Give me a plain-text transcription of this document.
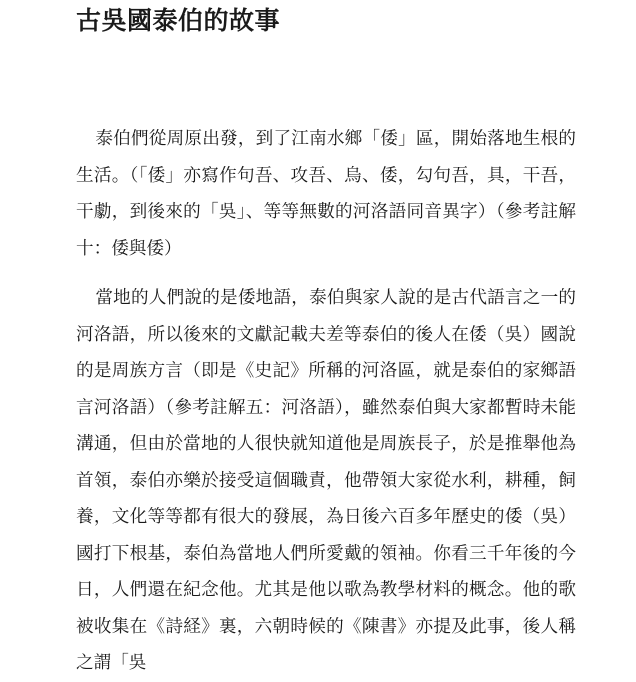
古吳國泰伯的故事

泰伯們從周原出發，到了江南水鄉「倭」區，開始落地生根的生活。（「倭」亦寫作句吾、攻吾、烏、倭，勾句吾，具，干吾，干勮，到後來的「吳」、等等無數的河洛語同音異字）（參考註解十：倭與倭）

當地的人們說的是倭地語，泰伯與家人說的是古代語言之一的河洛語，所以後來的文獻記載夫差等泰伯的後人在倭（吳）國說的是周族方言（即是《史記》所稱的河洛區，就是泰伯的家鄉語言河洛語）（參考註解五：河洛語），雖然泰伯與大家都暫時未能溝通，但由於當地的人很快就知道他是周族長子，於是推舉他為首領，泰伯亦樂於接受這個職責，他帶領大家從水利，耕種，飼養，文化等等都有很大的發展，為日後六百多年歷史的倭（吳）國打下根基，泰伯為當地人們所愛戴的領袖。你看三千年後的今日，人們還在紀念他。尤其是他以歌為教學材料的概念。他的歌被收集在《詩経》裏，六朝時候的《陳書》亦提及此事，後人稱之謂「吳
